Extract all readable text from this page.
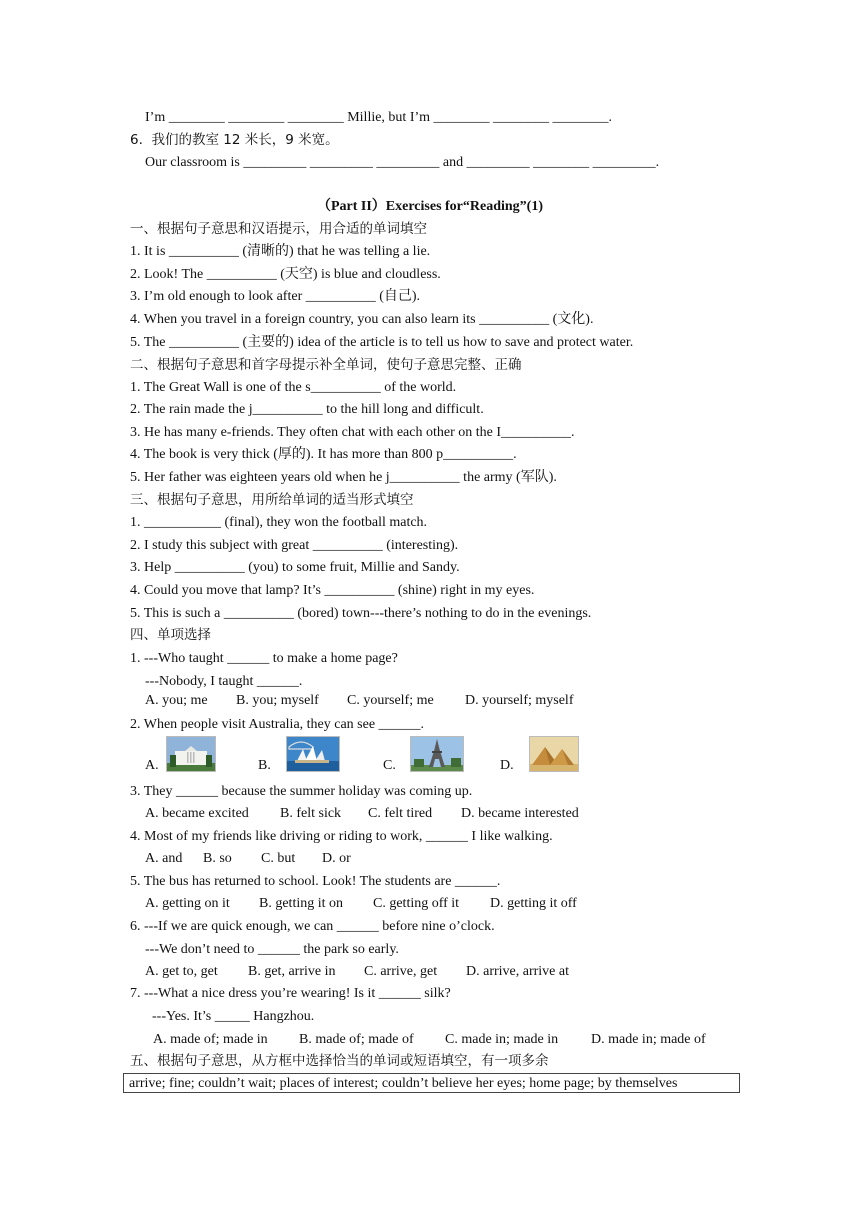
I’m ________ ________ ________ Millie, but I’m ________ ________ ________.
6.  我们的教室 12 米长，9 米宽。
Our classroom is _________ _________ _________ and _________ ________ _________.
（Part II）Exercises for“Reading”(1)
一、根据句子意思和汉语提示，用合适的单词填空
1. It is __________ (清晰的) that he was telling a lie.
2. Look! The __________ (天空) is blue and cloudless.
3. I’m old enough to look after __________ (自己).
4. When you travel in a foreign country, you can also learn its __________ (文化).
5. The __________ (主要的) idea of the article is to tell us how to save and protect water.
二、根据句子意思和首字母提示补全单词，使句子意思完整、正确
1. The Great Wall is one of the s__________ of the world.
2. The rain made the j__________ to the hill long and difficult.
3. He has many e-friends. They often chat with each other on the I__________.
4. The book is very thick (厚的). It has more than 800 p__________.
5. Her father was eighteen years old when he j__________ the army (军队).
三、根据句子意思，用所给单词的适当形式填空
1. ___________ (final), they won the football match.
2. I study this subject with great __________ (interesting).
3. Help __________ (you) to some fruit, Millie and Sandy.
4. Could you move that lamp? It’s __________ (shine) right in my eyes.
5. This is such a __________ (bored) town---there’s nothing to do in the evenings.
四、单项选择
1. ---Who taught ______ to make a home page?
---Nobody, I taught ______.
A. you; me B. you; myself C. yourself; me D. yourself; myself
2. When people visit Australia, they can see ______.
A.	B.	C.	D.
3. They ______ because the summer holiday was coming up.
A. became excited B. felt sick C. felt tired D. became interested
4. Most of my friends like driving or riding to work, ______ I like walking.
A. and B. so C. but D. or
5. The bus has returned to school. Look! The students are ______.
A. getting on it B. getting it on C. getting off it D. getting it off
6. ---If we are quick enough, we can ______ before nine o’clock.
---We don’t need to ______ the park so early.
A. get to, get B. get, arrive in C. arrive, get D. arrive, arrive at
7. ---What a nice dress you’re wearing! Is it ______ silk?
---Yes. It’s _____ Hangzhou.
A. made of; made in B. made of; made of C. made in; made in D. made in; made of
五、根据句子意思，从方框中选择恰当的单词或短语填空，有一项多余
arrive; fine; couldn’t wait; places of interest; couldn’t believe her eyes; home page; by themselves
